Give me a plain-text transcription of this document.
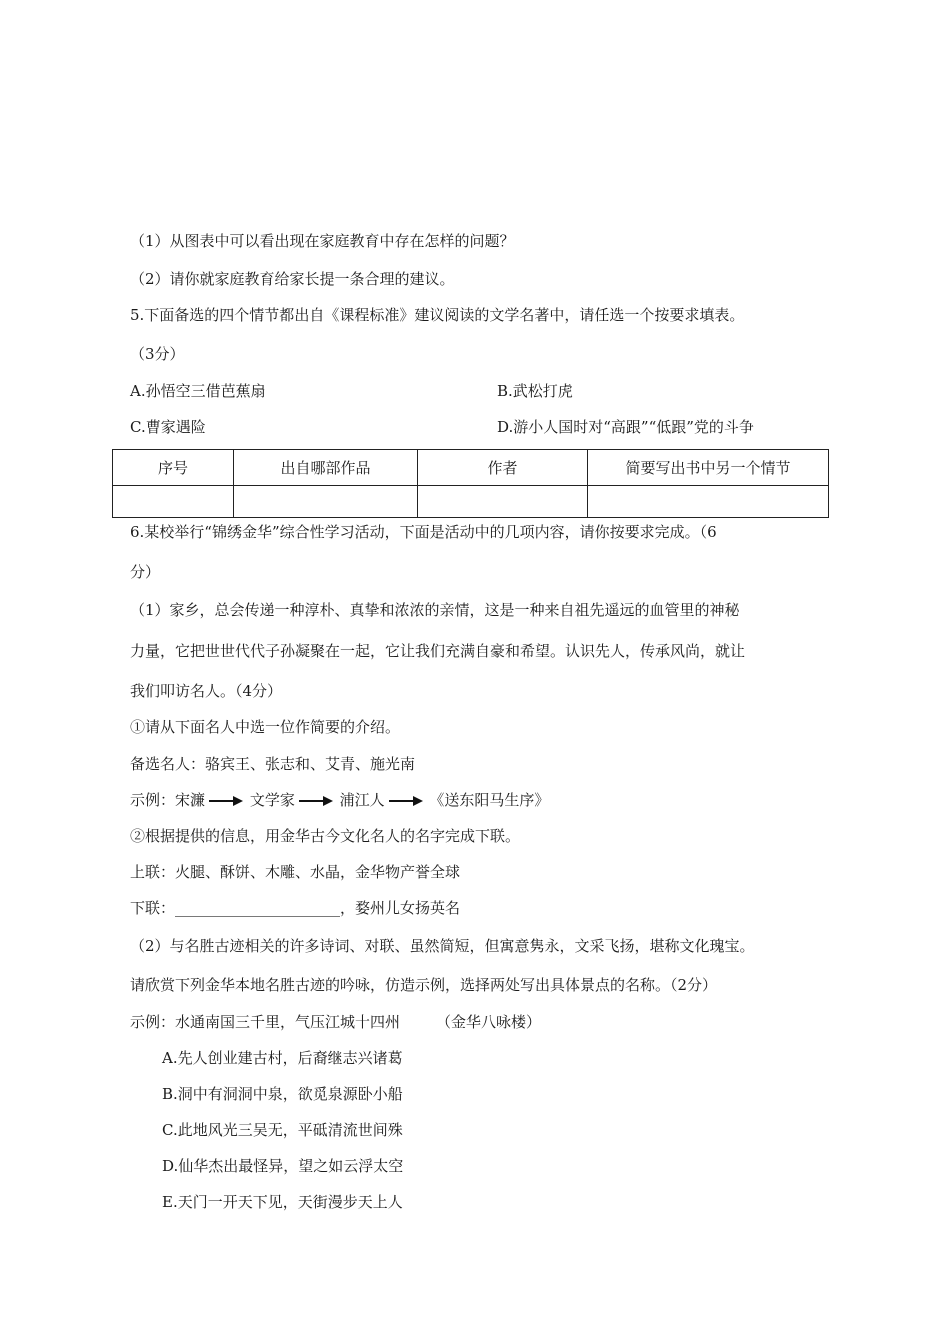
（1）从图表中可以看出现在家庭教育中存在怎样的问题？
（2）请你就家庭教育给家长提一条合理的建议。
5.下面备选的四个情节都出自《课程标准》建议阅读的文学名著中，请任选一个按要求填表。
（3分）
A.孙悟空三借芭蕉扇	B.武松打虎
C.曹家遇险	D.游小人国时对“高跟”“低跟”党的斗争
序号	出自哪部作品	作者	简要写出书中另一个情节

6.某校举行“锦绣金华”综合性学习活动，下面是活动中的几项内容，请你按要求完成。（6
分）
（1）家乡，总会传递一种淳朴、真挚和浓浓的亲情，这是一种来自祖先遥远的血管里的神秘
力量，它把世世代代子孙凝聚在一起，它让我们充满自豪和希望。认识先人，传承风尚，就让
我们叩访名人。（4分）
①请从下面名人中选一位作简要的介绍。
备选名人：骆宾王、张志和、艾青、施光南
示例：宋濂	文学家	浦江人	《送东阳马生序》
②根据提供的信息，用金华古今文化名人的名字完成下联。
上联：火腿、酥饼、木雕、水晶，金华物产誉全球
下联：______________________，婺州儿女扬英名
（2）与名胜古迹相关的许多诗词、对联、虽然简短，但寓意隽永，文采飞扬，堪称文化瑰宝。
请欣赏下列金华本地名胜古迹的吟咏，仿造示例，选择两处写出具体景点的名称。（2分）
示例：水通南国三千里，气压江城十四州 （金华八咏楼）
A.先人创业建古村，后裔继志兴诸葛
B.洞中有洞洞中泉，欲觅泉源卧小船
C.此地风光三吴无，平砥清流世间殊
D.仙华杰出最怪异，望之如云浮太空
E.天门一开天下见，天街漫步天上人
